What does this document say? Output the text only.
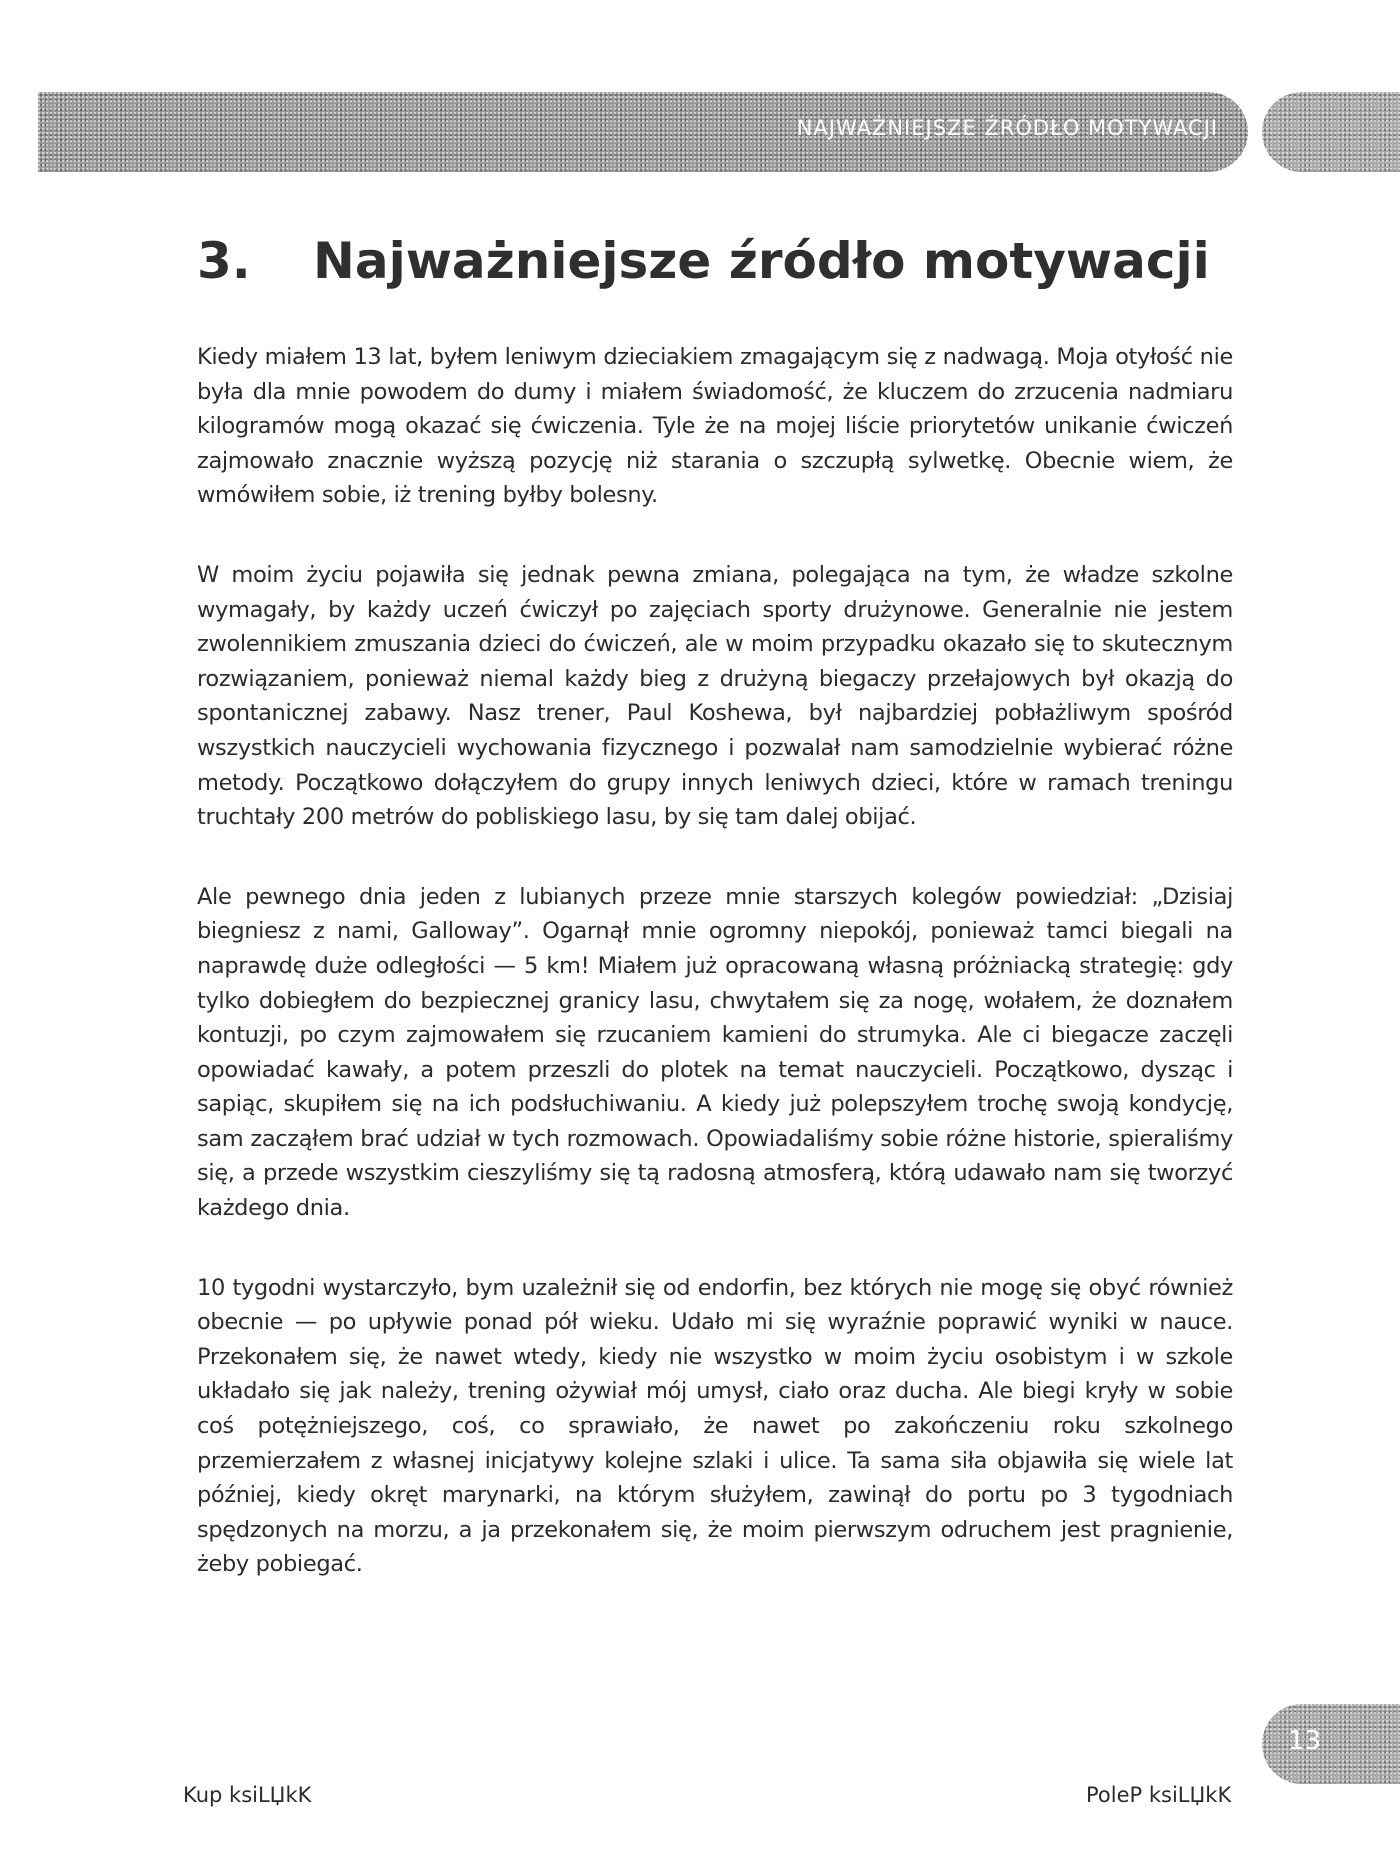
NAJWAŻNIEJSZE ŹRÓDŁO MOTYWACJI
3. Najważniejsze źródło motywacji

Kiedy miałem 13 lat, byłem leniwym dzieciakiem zmagającym się z nadwagą. Moja otyłość nie była dla mnie powodem do dumy i miałem świadomość, że kluczem do zrzucenia nadmiaru kilogramów mogą okazać się ćwiczenia. Tyle że na mojej liście priorytetów unikanie ćwiczeń zajmowało znacznie wyższą pozycję niż starania o szczupłą sylwetkę. Obecnie wiem, że wmówiłem sobie, iż trening byłby bolesny.

W moim życiu pojawiła się jednak pewna zmiana, polegająca na tym, że władze szkolne wymagały, by każdy uczeń ćwiczył po zajęciach sporty drużynowe. Generalnie nie jestem zwolennikiem zmuszania dzieci do ćwiczeń, ale w moim przypadku okazało się to skutecznym rozwiązaniem, ponieważ niemal każdy bieg z drużyną biegaczy przełajowych był okazją do spontanicznej zabawy. Nasz trener, Paul Koshewa, był najbardziej pobłażliwym spośród wszystkich nauczycieli wychowania fizycznego i pozwalał nam samodzielnie wybierać różne metody. Początkowo dołączyłem do grupy innych leniwych dzieci, które w ramach treningu truchtały 200 metrów do pobliskiego lasu, by się tam dalej obijać.

Ale pewnego dnia jeden z lubianych przeze mnie starszych kolegów powiedział: „Dzisiaj biegniesz z nami, Galloway”. Ogarnął mnie ogromny niepokój, ponieważ tamci biegali na naprawdę duże odległości — 5 km! Miałem już opracowaną własną próżniacką strategię: gdy tylko dobiegłem do bezpiecznej granicy lasu, chwytałem się za nogę, wołałem, że doznałem kontuzji, po czym zajmowałem się rzucaniem kamieni do strumyka. Ale ci biegacze zaczęli opowiadać kawały, a potem przeszli do plotek na temat nauczycieli. Początkowo, dysząc i sapiąc, skupiłem się na ich podsłuchiwaniu. A kiedy już polepszyłem trochę swoją kondycję, sam zacząłem brać udział w tych rozmowach. Opowiadaliśmy sobie różne historie, spieraliśmy się, a przede wszystkim cieszyliśmy się tą radosną atmosferą, którą udawało nam się tworzyć każdego dnia.

10 tygodni wystarczyło, bym uzależnił się od endorfin, bez których nie mogę się obyć również obecnie — po upływie ponad pół wieku. Udało mi się wyraźnie poprawić wyniki w nauce. Przekonałem się, że nawet wtedy, kiedy nie wszystko w moim życiu osobistym i w szkole układało się jak należy, trening ożywiał mój umysł, ciało oraz ducha. Ale biegi kryły w sobie coś potężniejszego, coś, co sprawiało, że nawet po zakończeniu roku szkolnego przemierzałem z własnej inicjatywy kolejne szlaki i ulice. Ta sama siła objawiła się wiele lat później, kiedy okręt marynarki, na którym służyłem, zawinął do portu po 3 tygodniach spędzonych na morzu, a ja przekonałem się, że moim pierwszym odruchem jest pragnienie, żeby pobiegać.

13
Kup ksiLЏkK	PoleP ksiLЏkK
